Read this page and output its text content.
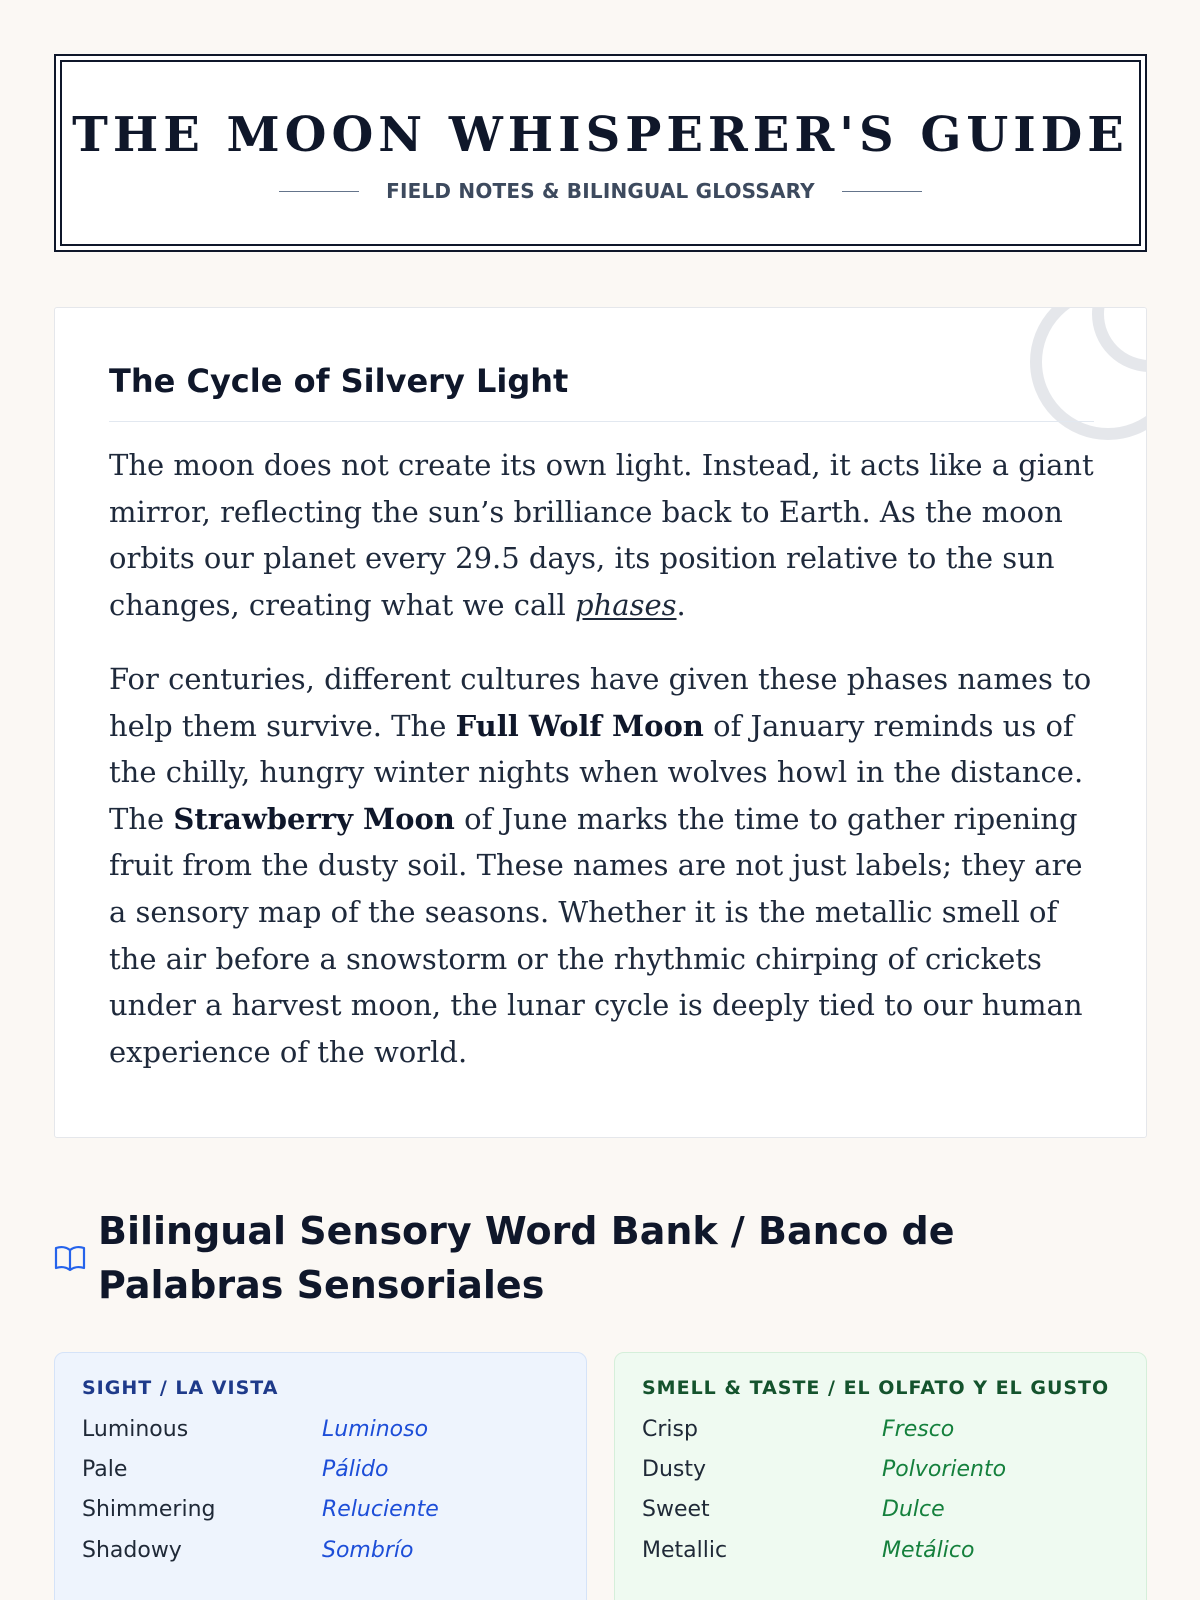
THE MOON WHISPERER'S GUIDE
FIELD NOTES & BILINGUAL GLOSSARY
The Cycle of Silvery Light

The moon does not create its own light. Instead, it acts like a giant mirror, reflecting the sun’s brilliance back to Earth. As the moon orbits our planet every 29.5 days, its position relative to the sun changes, creating what we call phases.

For centuries, different cultures have given these phases names to help them survive. The Full Wolf Moon of January reminds us of the chilly, hungry winter nights when wolves howl in the distance. The Strawberry Moon of June marks the time to gather ripening fruit from the dusty soil. These names are not just labels; they are a sensory map of the seasons. Whether it is the metallic smell of the air before a snowstorm or the rhythmic chirping of crickets under a harvest moon, the lunar cycle is deeply tied to our human experience of the world.

Bilingual Sensory Word Bank / Banco de Palabras Sensoriales
SIGHT / LA VISTA
Luminous	Luminoso
Pale	Pálido
Shimmering	Reluciente
Shadowy	Sombrío
SMELL & TASTE / EL OLFATO Y EL GUSTO
Crisp	Fresco
Dusty	Polvoriento
Sweet	Dulce
Metallic	Metálico
